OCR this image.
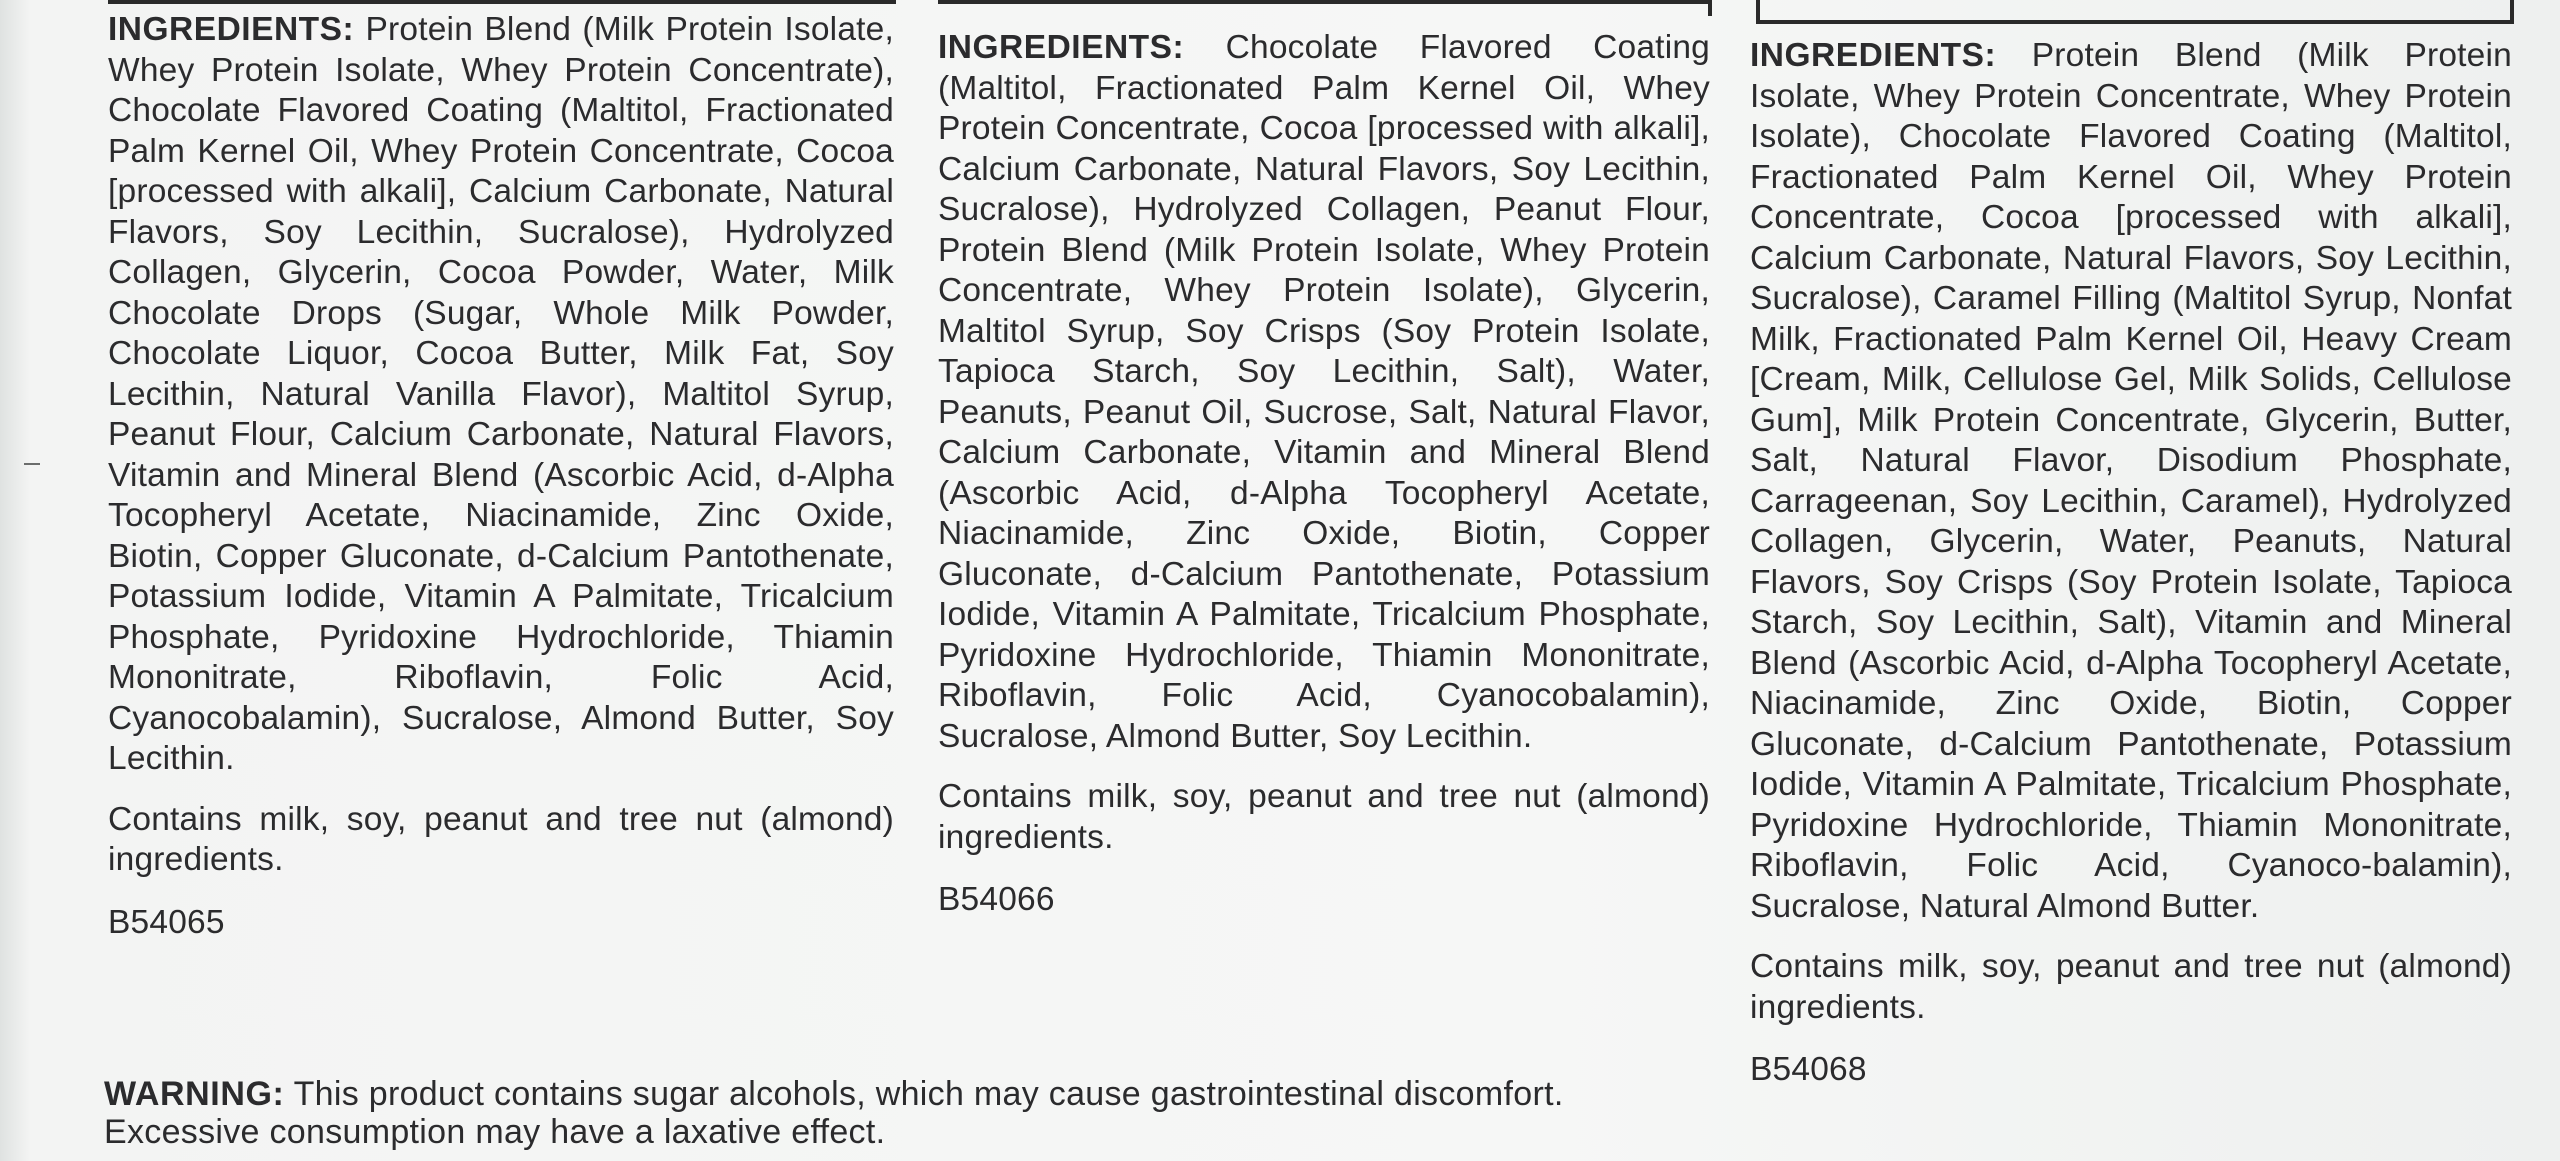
INGREDIENTS: Protein Blend (Milk Protein Isolate, Whey Protein Isolate, Whey Protein Concentrate), Chocolate Flavored Coating (Maltitol, Fractionated Palm Kernel Oil, Whey Protein Concentrate, Cocoa [processed with alkali], Calcium Carbonate, Natural Flavors, Soy Lecithin, Sucralose), Hydrolyzed Collagen, Glycerin, Cocoa Powder, Water, Milk Chocolate Drops (Sugar, Whole Milk Powder, Chocolate Liquor, Cocoa Butter, Milk Fat, Soy Lecithin, Natural Vanilla Flavor), Maltitol Syrup, Peanut Flour, Calcium Carbonate, Natural Flavors, Vitamin and Mineral Blend (Ascorbic Acid, d-Alpha Tocopheryl Acetate, Niacinamide, Zinc Oxide, Biotin, Copper Gluconate, d-Calcium Pantothenate, Potassium Iodide, Vitamin A Palmitate, Tricalcium Phosphate, Pyridoxine Hydrochloride, Thiamin Mononitrate, Riboflavin, Folic Acid, Cyanocobalamin), Sucralose, Almond Butter, Soy Lecithin.

Contains milk, soy, peanut and tree nut (almond) ingredients.

B54065

INGREDIENTS: Chocolate Flavored Coating (Maltitol, Fractionated Palm Kernel Oil, Whey Protein Concentrate, Cocoa [processed with alkali], Calcium Carbonate, Natural Flavors, Soy Lecithin, Sucralose), Hydrolyzed Collagen, Peanut Flour, Protein Blend (Milk Protein Isolate, Whey Protein Concentrate, Whey Protein Isolate), Glycerin, Maltitol Syrup, Soy Crisps (Soy Protein Isolate, Tapioca Starch, Soy Lecithin, Salt), Water, Peanuts, Peanut Oil, Sucrose, Salt, Natural Flavor, Calcium Carbonate, Vitamin and Mineral Blend (Ascorbic Acid, d-Alpha Tocopheryl Acetate, Niacinamide, Zinc Oxide, Biotin, Copper Gluconate, d-Calcium Pantothenate, Potassium Iodide, Vitamin A Palmitate, Tricalcium Phosphate, Pyridoxine Hydrochloride, Thiamin Mononitrate, Riboflavin, Folic Acid, Cyanocobalamin), Sucralose, Almond Butter, Soy Lecithin.

Contains milk, soy, peanut and tree nut (almond) ingredients.

B54066

INGREDIENTS: Protein Blend (Milk Protein Isolate, Whey Protein Concentrate, Whey Protein Isolate), Chocolate Flavored Coating (Maltitol, Fractionated Palm Kernel Oil, Whey Protein Concentrate, Cocoa [processed with alkali], Calcium Carbonate, Natural Flavors, Soy Lecithin, Sucralose), Caramel Filling (Maltitol Syrup, Nonfat Milk, Fractionated Palm Kernel Oil, Heavy Cream [Cream, Milk, Cellulose Gel, Milk Solids, Cellulose Gum], Milk Protein Concentrate, Glycerin, Butter, Salt, Natural Flavor, Disodium Phosphate, Carrageenan, Soy Lecithin, Caramel), Hydrolyzed Collagen, Glycerin, Water, Peanuts, Natural Flavors, Soy Crisps (Soy Protein Isolate, Tapioca Starch, Soy Lecithin, Salt), Vitamin and Mineral Blend (Ascorbic Acid, d-Alpha Tocopheryl Acetate, Niacinamide, Zinc Oxide, Biotin, Copper Gluconate, d-Calcium Pantothenate, Potassium Iodide, Vitamin A Palmitate, Tricalcium Phosphate, Pyridoxine Hydrochloride, Thiamin Mononitrate, Riboflavin, Folic Acid, Cyanoco-balamin), Sucralose, Natural Almond Butter.

Contains milk, soy, peanut and tree nut (almond) ingredients.

B54068

WARNING: This product contains sugar alcohols, which may cause gastrointestinal discomfort. Excessive consumption may have a laxative effect.
